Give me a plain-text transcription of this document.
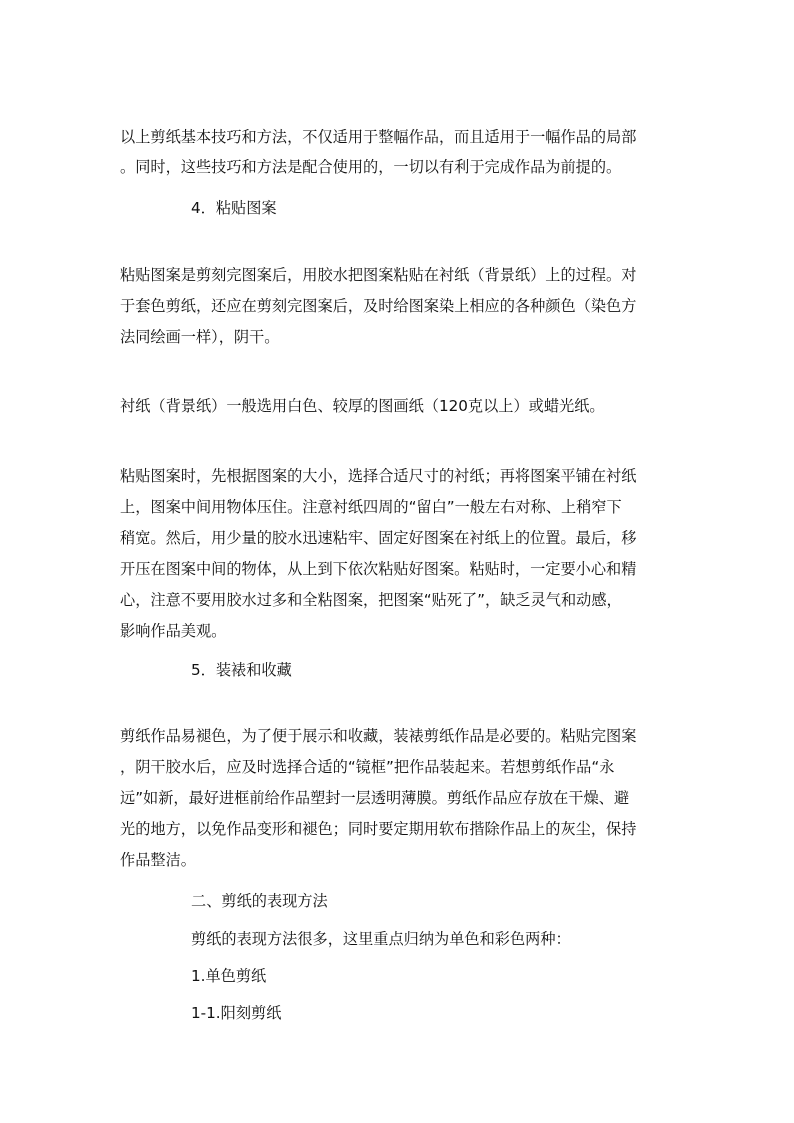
以上剪纸基本技巧和方法，不仅适用于整幅作品，而且适用于一幅作品的局部
。同时，这些技巧和方法是配合使用的，一切以有利于完成作品为前提的。
4．粘贴图案
粘贴图案是剪刻完图案后，用胶水把图案粘贴在衬纸（背景纸）上的过程。对
于套色剪纸，还应在剪刻完图案后，及时给图案染上相应的各种颜色（染色方
法同绘画一样），阴干。
衬纸（背景纸）一般选用白色、较厚的图画纸（120克以上）或蜡光纸。
粘贴图案时，先根据图案的大小，选择合适尺寸的衬纸；再将图案平铺在衬纸
上，图案中间用物体压住。注意衬纸四周的“留白”一般左右对称、上稍窄下
稍宽。然后，用少量的胶水迅速粘牢、固定好图案在衬纸上的位置。最后，移
开压在图案中间的物体，从上到下依次粘贴好图案。粘贴时，一定要小心和精
心，注意不要用胶水过多和全粘图案，把图案“贴死了”，缺乏灵气和动感，
影响作品美观。
5．装裱和收藏
剪纸作品易褪色，为了便于展示和收藏，装裱剪纸作品是必要的。粘贴完图案
，阴干胶水后，应及时选择合适的“镜框”把作品装起来。若想剪纸作品“永
远”如新，最好进框前给作品塑封一层透明薄膜。剪纸作品应存放在干燥、避
光的地方，以免作品变形和褪色；同时要定期用软布揩除作品上的灰尘，保持
作品整洁。
二、剪纸的表现方法
剪纸的表现方法很多，这里重点归纳为单色和彩色两种：
1.单色剪纸
1-1.阳刻剪纸
